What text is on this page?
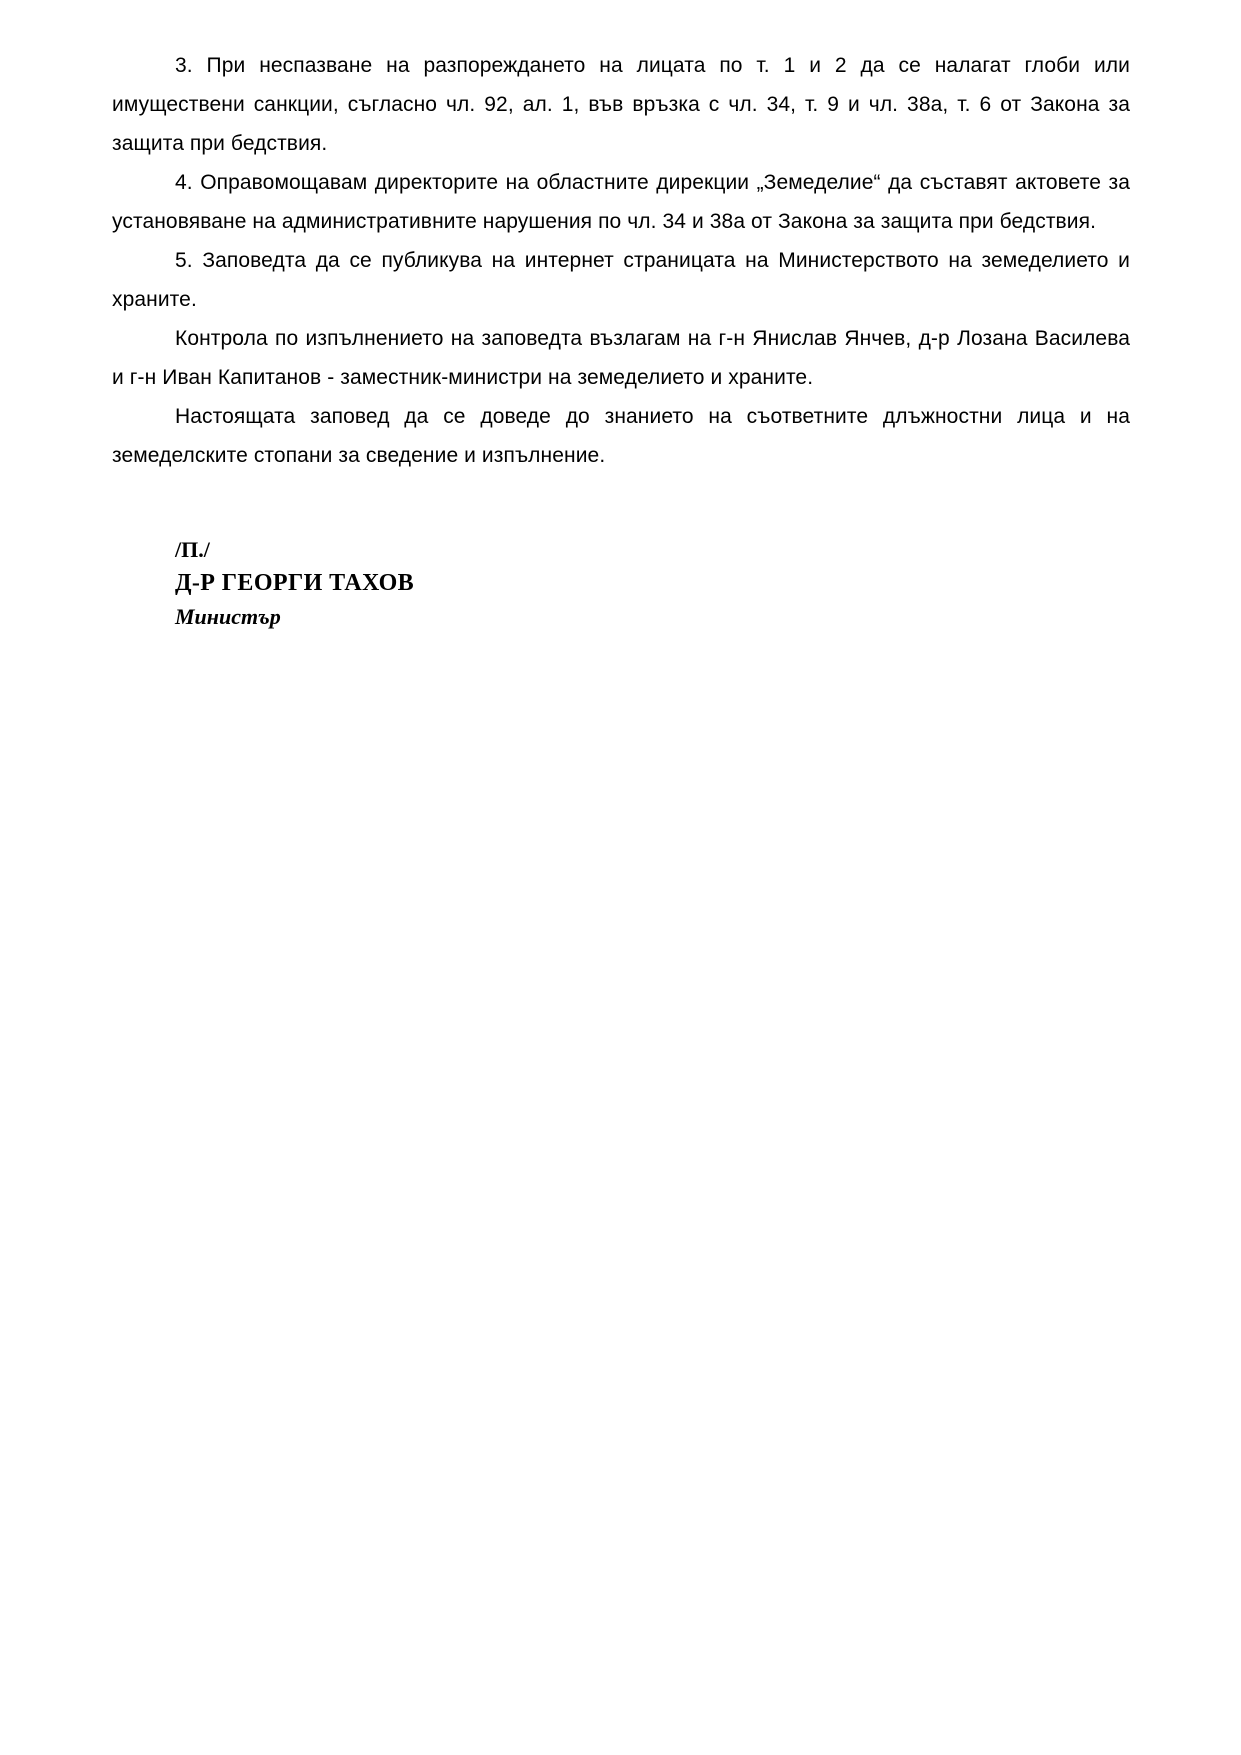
3. При неспазване на разпореждането на лицата по т. 1 и 2 да се налагат глоби или имуществени санкции, съгласно чл. 92, ал. 1, във връзка с чл. 34, т. 9 и чл. 38а, т. 6 от Закона за защита при бедствия.

4. Оправомощавам директорите на областните дирекции „Земеделие“ да съставят актовете за установяване на административните нарушения по чл. 34 и 38а от Закона за защита при бедствия.

5. Заповедта да се публикува на интернет страницата на Министерството на земеделието и храните.

Контрола по изпълнението на заповедта възлагам на г-н Янислав Янчев, д-р Лозана Василева и г-н Иван Капитанов - заместник-министри на земеделието и храните.

Настоящата заповед да се доведе до знанието на съответните длъжностни лица и на земеделските стопани за сведение и изпълнение.

/П./

Д-Р ГЕОРГИ ТАХОВ

Министър
